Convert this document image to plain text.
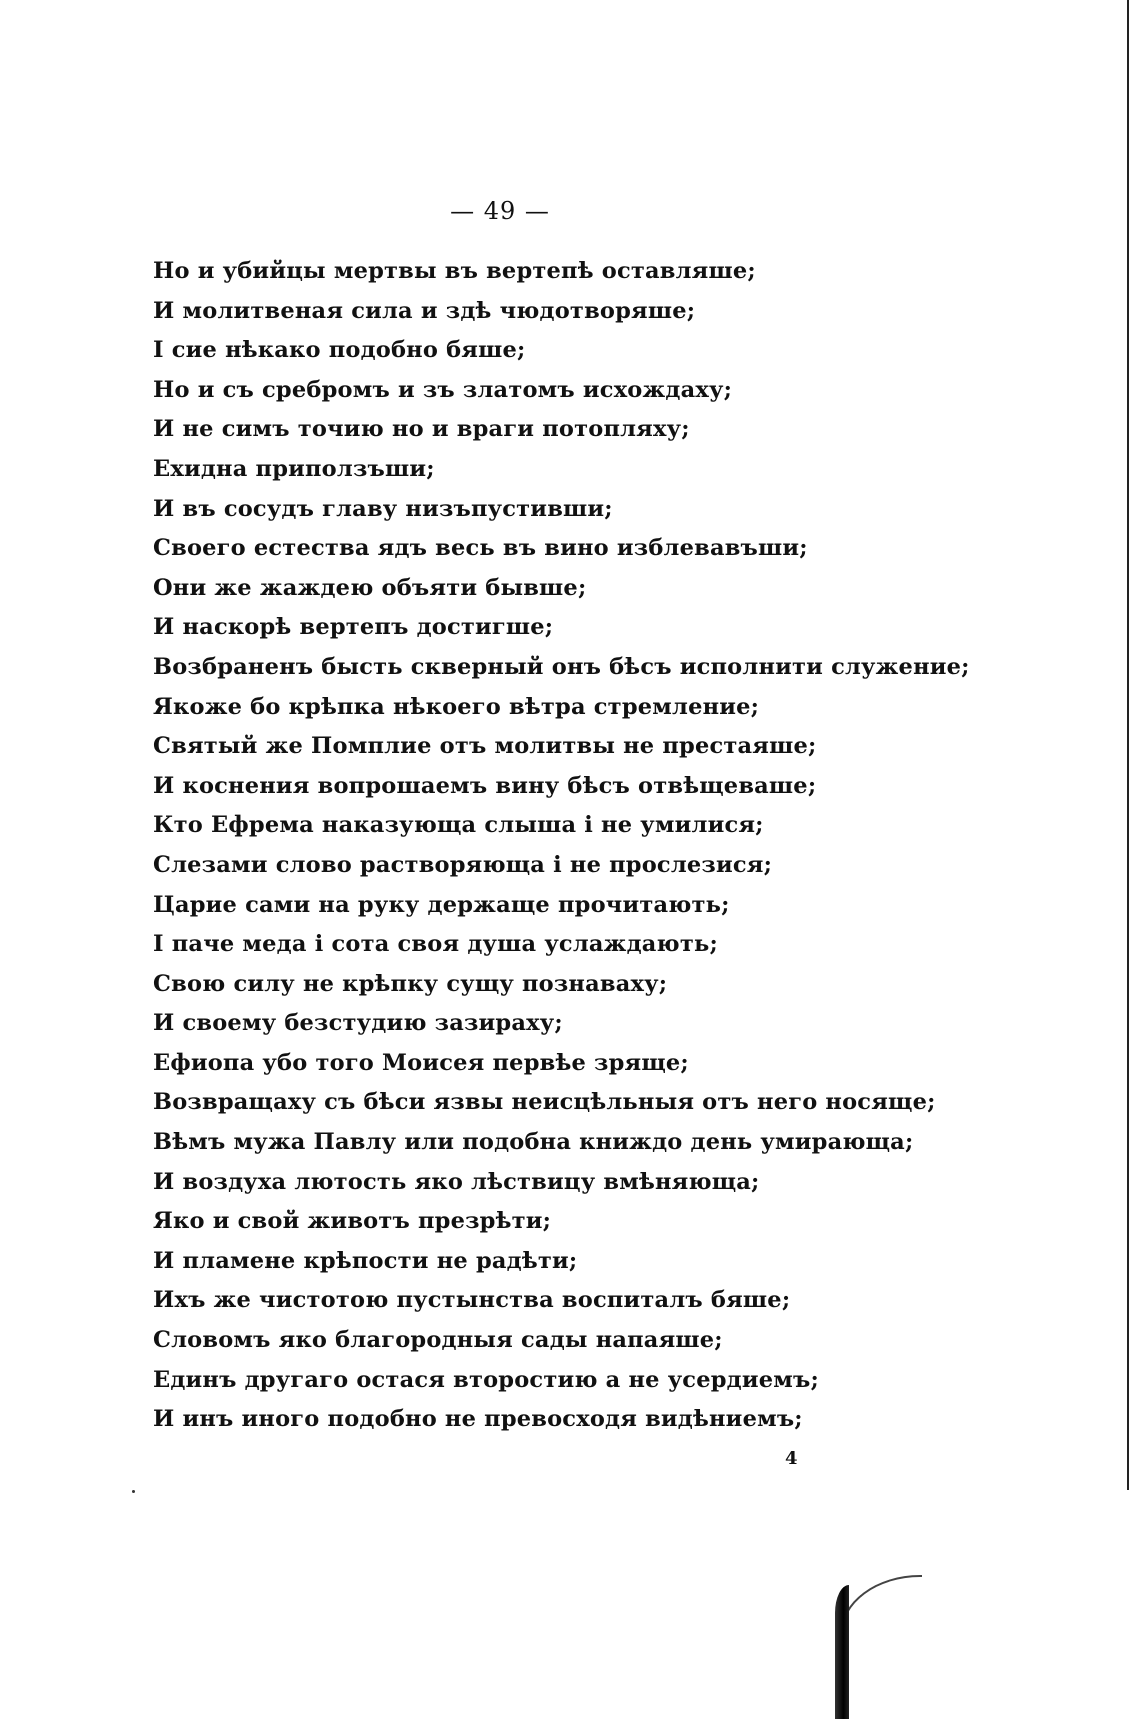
— 49 —
Но и убийцы мертвы въ вертепѣ оставляше;
И молитвеная сила и здѣ чюдотворяше;
I сие нѣкако подобно бяше;
Но и съ сребромъ и зъ златомъ исхождаху;
И не симъ точию но и враги потопляху;
Ехидна приползъши;
И въ сосудъ главу низъпустивши;
Своего естества ядъ весь въ вино изблевавъши;
Они же жаждею объяти бывше;
И наскорѣ вертепъ достигше;
Возбраненъ бысть скверный онъ бѣсъ исполнити служение;
Якоже бо крѣпка нѣкоего вѣтра стремление;
Святый же Помплие отъ молитвы не престаяше;
И коснения вопрошаемъ вину бѣсъ отвѣщеваше;
Кто Ефрема наказующа слыша і не умилися;
Слезами слово растворяюща і не прослезися;
Царие сами на руку держаще прочитають;
I паче меда і сота своя душа услаждають;
Свою силу не крѣпку сущу познаваху;
И своему безстудию зазираху;
Ефиопа убо того Моисея первѣе зряще;
Возвращаху съ бѣси язвы неисцѣльныя отъ него носяще;
Вѣмъ мужа Павлу или подобна книждо день умирающа;
И воздуха лютость яко лѣствицу вмѣняюща;
Яко и свой животъ презрѣти;
И пламене крѣпости не радѣти;
Ихъ же чистотою пустынства воспиталъ бяше;
Словомъ яко благородныя сады напаяше;
Единъ другаго остася второстию а не усердиемъ;
И инъ иного подобно не превосходя видѣниемъ;
4
